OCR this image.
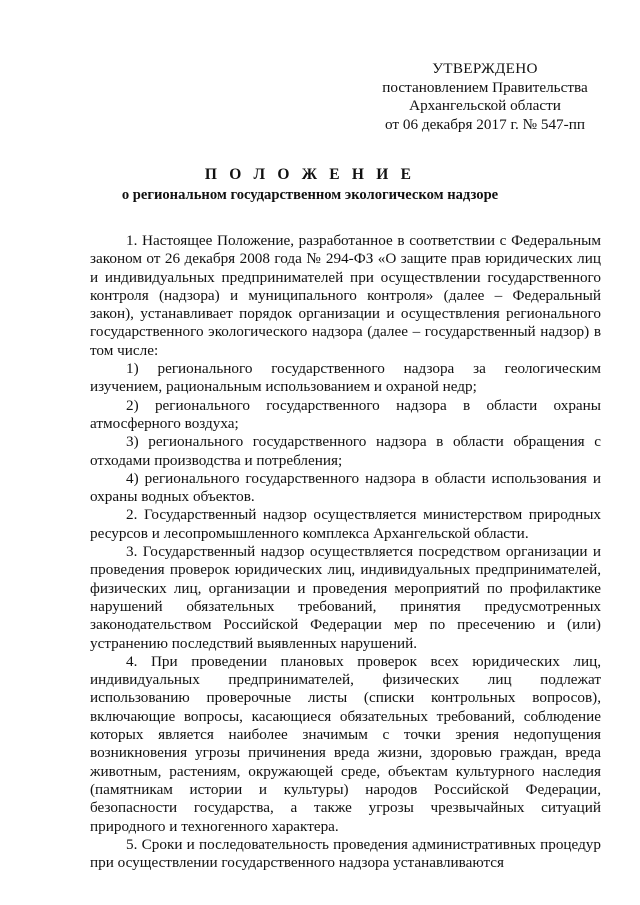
УТВЕРЖДЕНО
постановлением Правительства
Архангельской области
от 06 декабря 2017 г. № 547-пп
П О Л О Ж Е Н И Е
о региональном государственном экологическом надзоре

1. Настоящее Положение, разработанное в соответствии с Федеральным законом от 26 декабря 2008 года № 294-ФЗ «О защите прав юридических лиц и индивидуальных предпринимателей при осуществлении государственного контроля (надзора) и муниципального контроля» (далее – Федеральный закон), устанавливает порядок организации и осуществления регионального государственного экологического надзора (далее – государственный надзор) в том числе:

1) регионального государственного надзора за геологическим изучением, рациональным использованием и охраной недр;

2) регионального государственного надзора в области охраны атмосферного воздуха;

3) регионального государственного надзора в области обращения с отходами производства и потребления;

4) регионального государственного надзора в области использования и охраны водных объектов.

2. Государственный надзор осуществляется министерством природных ресурсов и лесопромышленного комплекса Архангельской области.

3. Государственный надзор осуществляется посредством организации и проведения проверок юридических лиц, индивидуальных предпринимателей, физических лиц, организации и проведения мероприятий по профилактике нарушений обязательных требований, принятия предусмотренных законодательством Российской Федерации мер по пресечению и (или) устранению последствий выявленных нарушений.

4. При проведении плановых проверок всех юридических лиц, индивидуальных предпринимателей, физических лиц подлежат использованию проверочные листы (списки контрольных вопросов), включающие вопросы, касающиеся обязательных требований, соблюдение которых является наиболее значимым с точки зрения недопущения возникновения угрозы причинения вреда жизни, здоровью граждан, вреда животным, растениям, окружающей среде, объектам культурного наследия (памятникам истории и культуры) народов Российской Федерации, безопасности государства, а также угрозы чрезвычайных ситуаций природного и техногенного характера.

5. Сроки и последовательность проведения административных процедур при осуществлении государственного надзора устанавливаются
